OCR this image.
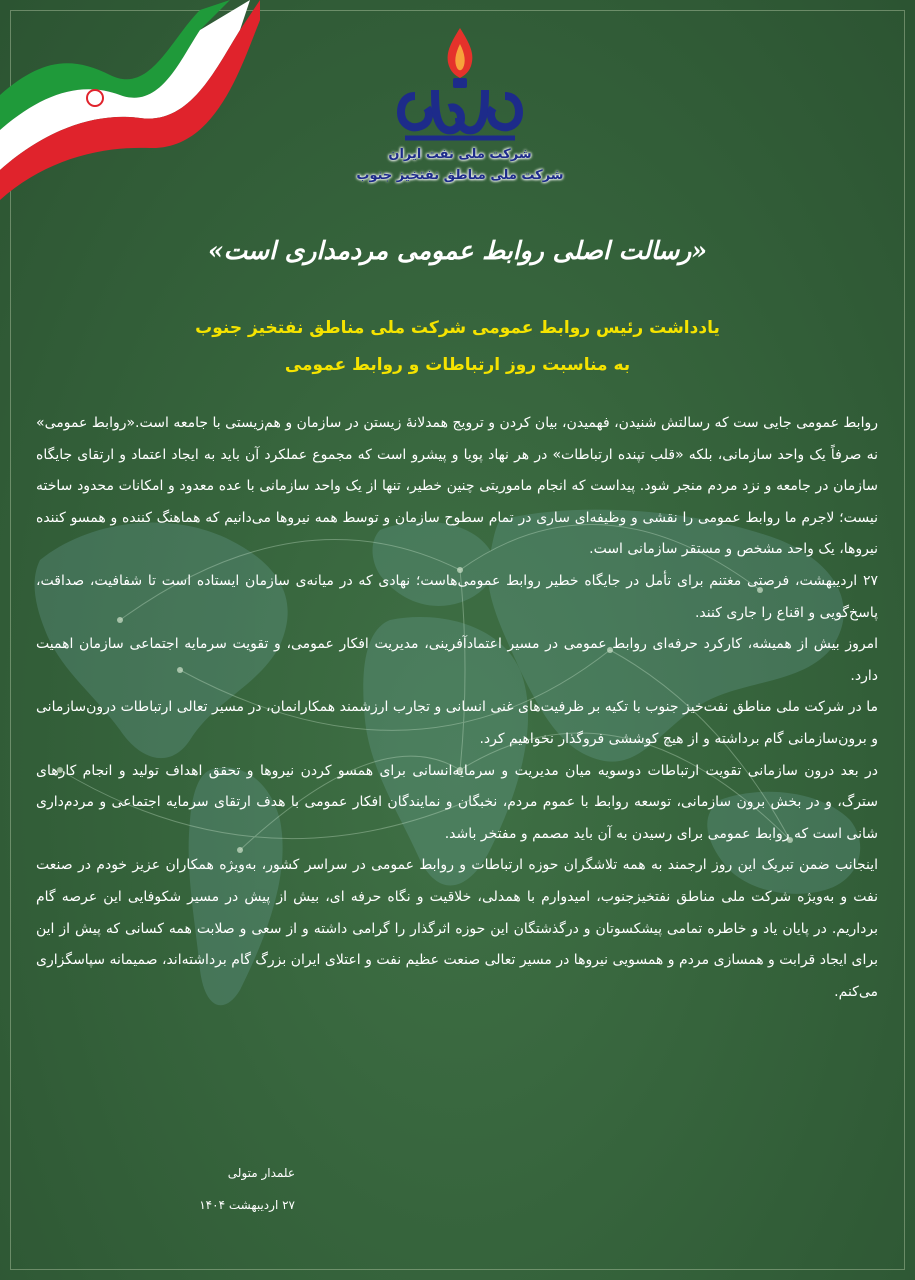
شرکت ملی نفت ایران
شرکت ملی مناطق نفتخیز جنوب
«رسالت اصلی روابط عمومی مردمداری است»
یادداشت رئیس روابط عمومی شرکت ملی مناطق نفتخیز جنوب
به مناسبت روز ارتباطات و روابط عمومی

روابط عمومی جایی ست که رسالتش شنیدن، فهمیدن، بیان کردن و ترویج همدلانهٔ زیستن در سازمان و هم‌زیستی با جامعه است.«روابط عمومی» نه صرفاً یک واحد سازمانی، بلکه «قلب تپنده ارتباطات» در هر نهاد پویا و پیشرو است که مجموع عملکرد آن باید به ایجاد اعتماد و ارتقای جایگاه سازمان در جامعه و نزد مردم منجر شود. پیداست که انجام ماموریتی چنین خطیر، تنها از یک واحد سازمانی با عده معدود و امکانات محدود ساخته نیست؛ لاجرم ما روابط عمومی را نقشی و وظیفه‌ای ساری در تمام سطوح سازمان و توسط همه نیروها می‌دانیم که هماهنگ کننده و همسو کننده نیروها، یک واحد مشخص و مستقر سازمانی است.

۲۷ اردیبهشت، فرصتی مغتنم برای تأمل در جایگاه خطیر روابط عمومی‌هاست؛ نهادی که در میانه‌ی سازمان ایستاده است تا شفافیت، صداقت، پاسخ‌گویی و اقناع را جاری کنند.

امروز بیش از همیشه، کارکرد حرفه‌ای روابط عمومی در مسیر اعتمادآفرینی، مدیریت افکار عمومی، و تقویت سرمایه اجتماعی سازمان اهمیت دارد.

ما در شرکت ملی مناطق نفت‌خیز جنوب با تکیه بر ظرفیت‌های غنی انسانی و تجارب ارزشمند همکارانمان، در مسیر تعالی ارتباطات درون‌سازمانی و برون‌سازمانی گام برداشته و از هیچ کوششی فروگذار نخواهیم کرد.

در بعد درون سازمانی تقویت ارتباطات دوسویه میان مدیریت و سرمایه‌انسانی برای همسو کردن نیروها و تحقق اهداف تولید و انجام کارهای سترگ، و در بخش برون سازمانی، توسعه روابط با عموم مردم، نخبگان و نمایندگان افکار عمومی با هدف ارتقای سرمایه اجتماعی و مردم‌داری شانی است که روابط عمومی برای رسیدن به آن باید مصمم و مفتخر باشد.

اینجانب ضمن تبریک این روز ارجمند به همه تلاشگران حوزه ارتباطات و روابط عمومی در سراسر کشور، به‌ویژه همکاران عزیز خودم در صنعت نفت و به‌ویژه شرکت ملی مناطق نفتخیزجنوب، امیدوارم با همدلی، خلاقیت و نگاه حرفه ای، بیش از پیش در مسیر شکوفایی این عرصه گام برداریم. در پایان یاد و خاطره تمامی پیشکسوتان و درگذشتگان این حوزه اثرگذار را گرامی داشته و از سعی و صلابت همه کسانی که پیش از این برای ایجاد قرابت و همسازی مردم و همسویی نیروها در مسیر تعالی صنعت عظیم نفت و اعتلای ایران بزرگ گام برداشته‌اند، صمیمانه سپاسگزاری می‌کنم.

علمدار متولی
۲۷ اردیبهشت ۱۴۰۴
